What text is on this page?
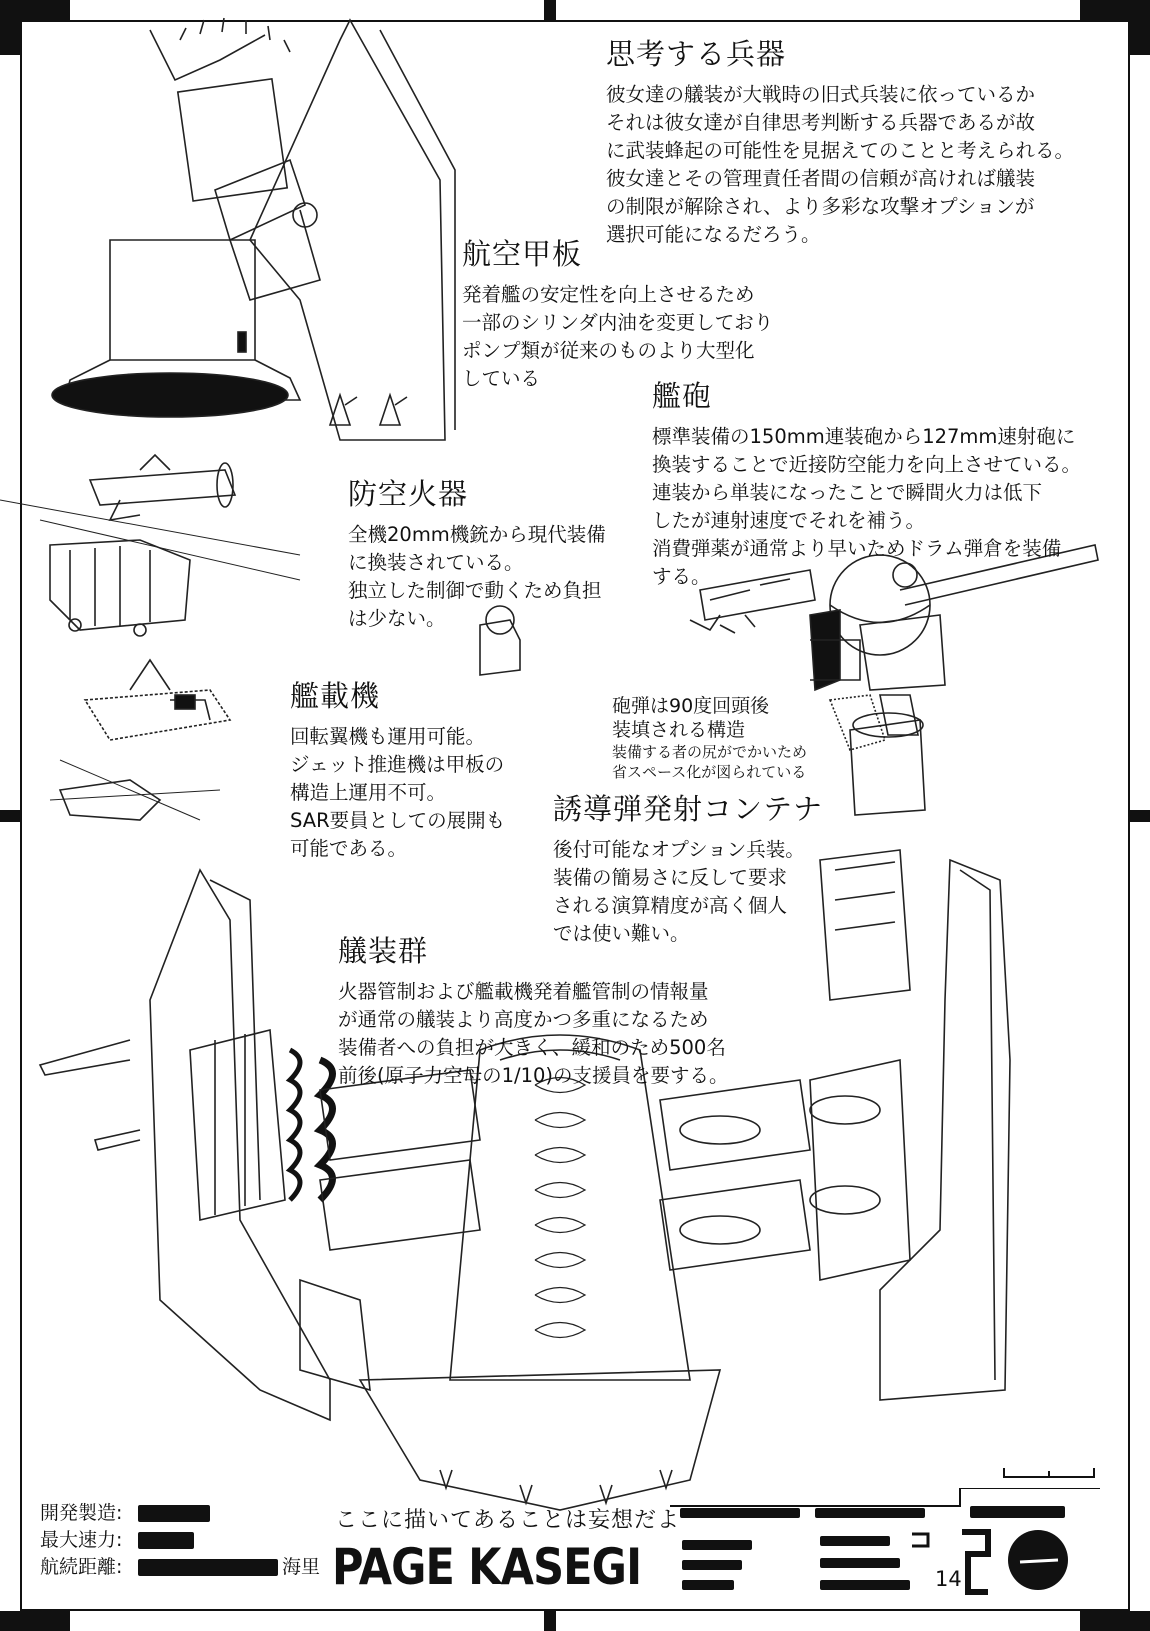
思考する兵器
彼女達の艤装が大戦時の旧式兵装に依っているか
それは彼女達が自律思考判断する兵器であるが故
に武装蜂起の可能性を見据えてのことと考えられる。
彼女達とその管理責任者間の信頼が高ければ艤装
の制限が解除され、より多彩な攻撃オプションが
選択可能になるだろう。
航空甲板
発着艦の安定性を向上させるため
一部のシリンダ内油を変更しており
ポンプ類が従来のものより大型化
している
艦砲
標準装備の150mm連装砲から127mm速射砲に
換装することで近接防空能力を向上させている。
連装から単装になったことで瞬間火力は低下
したが連射速度でそれを補う。
消費弾薬が通常より早いためドラム弾倉を装備
する。
防空火器
全機20mm機銃から現代装備
に換装されている。
独立した制御で動くため負担
は少ない。
艦載機
回転翼機も運用可能。
ジェット推進機は甲板の
構造上運用不可。
SAR要員としての展開も
可能である。
誘導弾発射コンテナ
後付可能なオプション兵装。
装備の簡易さに反して要求
される演算精度が高く個人
では使い難い。
艤装群
火器管制および艦載機発着艦管制の情報量
が通常の艤装より高度かつ多重になるため
装備者への負担が大きく、緩和のため500名
前後(原子力空母の1/10)の支援員を要する。

砲弾は90度回頭後
装填される構造

装備する者の尻がでかいため
省スペース化が図られている

開発製造:
最大速力:
航続距離:	海里
ここに描いてあることは妄想だよ
PAGE KASEGI	14
